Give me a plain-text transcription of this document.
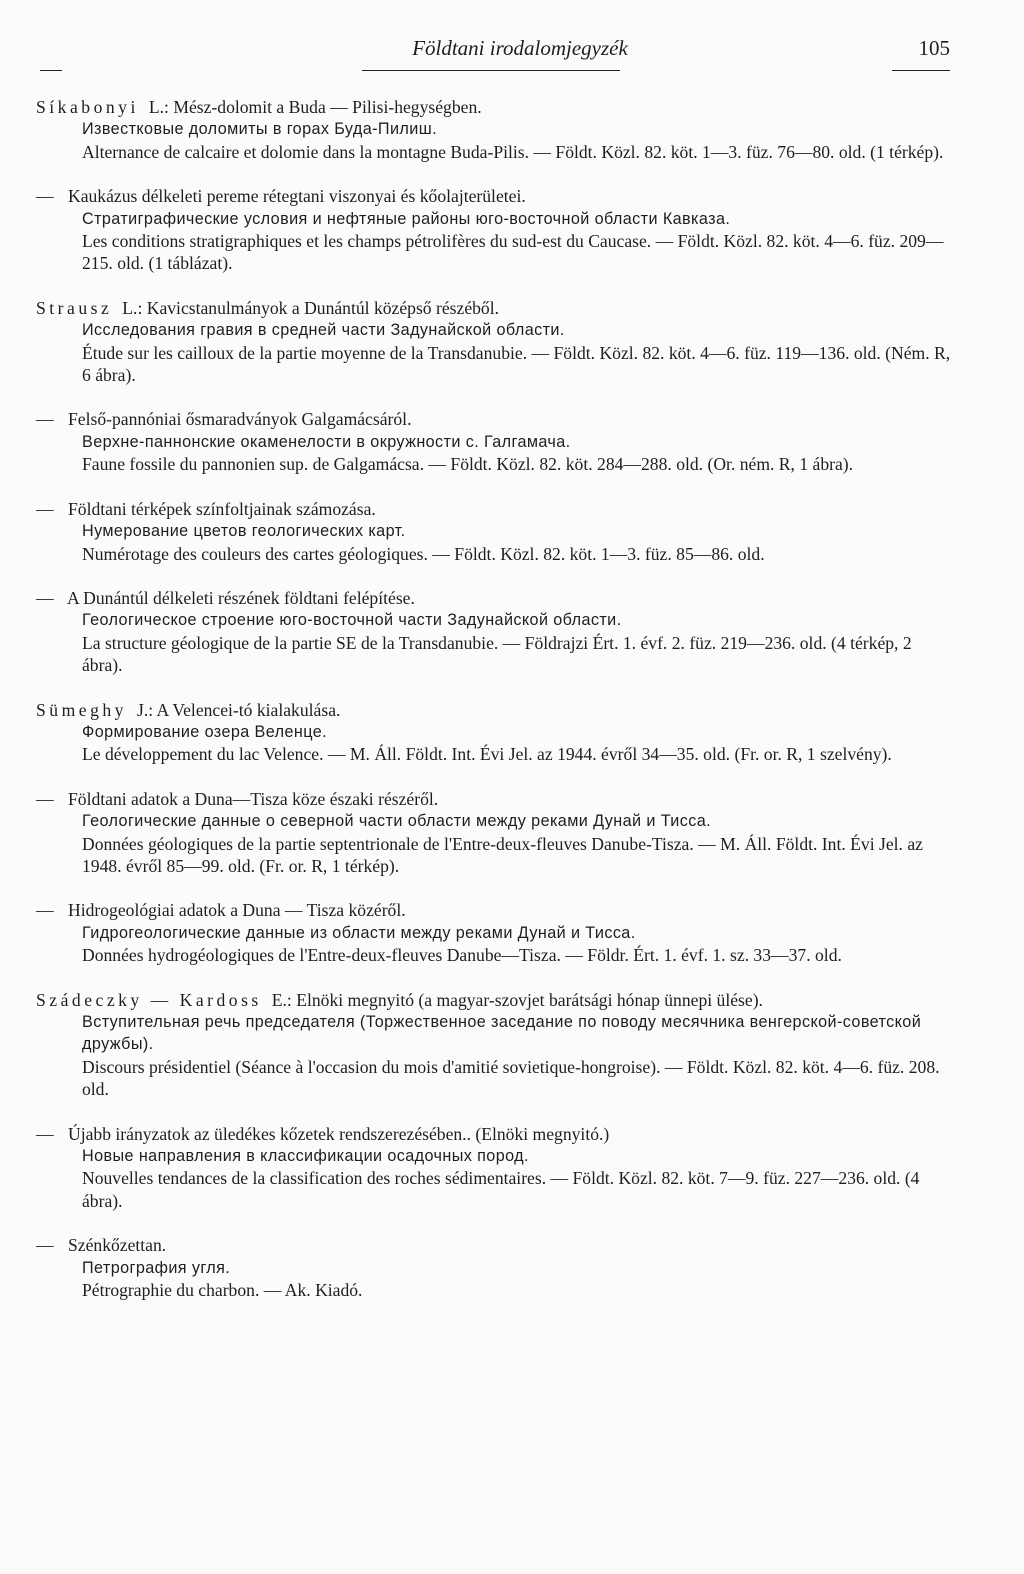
Földtani irodalomjegyzék	105
Síkabonyi L.: Mész-dolomit a Buda — Pilisi-hegységben.
Известковые доломиты в горах Буда-Пилиш.
Alternance de calcaire et dolomie dans la montagne Buda-Pilis. — Földt. Közl. 82. köt. 1—3. füz. 76—80. old. (1 térkép).
— Kaukázus délkeleti pereme rétegtani viszonyai és kőolajterületei.
Стратиграфические условия и нефтяные районы юго-восточной области Кавказа.
Les conditions stratigraphiques et les champs pétrolifères du sud-est du Caucase. — Földt. Közl. 82. köt. 4—6. füz. 209—215. old. (1 táblázat).
Strausz L.: Kavicstanulmányok a Dunántúl középső részéből.
Исследования гравия в средней части Задунайской области.
Étude sur les cailloux de la partie moyenne de la Transdanubie. — Földt. Közl. 82. köt. 4—6. füz. 119—136. old. (Ném. R, 6 ábra).
— Felső-pannóniai ősmaradványok Galgamácsáról.
Верхне-паннонские окаменелости в окружности с. Галгамача.
Faune fossile du pannonien sup. de Galgamácsa. — Földt. Közl. 82. köt. 284—288. old. (Or. ném. R, 1 ábra).
— Földtani térképek színfoltjainak számozása.
Нумерование цветов геологических карт.
Numérotage des couleurs des cartes géologiques. — Földt. Közl. 82. köt. 1—3. füz. 85—86. old.
— A Dunántúl délkeleti részének földtani felépítése.
Геологическое строение юго-восточной части Задунайской области.
La structure géologique de la partie SE de la Transdanubie. — Földrajzi Ért. 1. évf. 2. füz. 219—236. old. (4 térkép, 2 ábra).
Sümeghy J.: A Velencei-tó kialakulása.
Формирование озера Веленце.
Le développement du lac Velence. — M. Áll. Földt. Int. Évi Jel. az 1944. évről 34—35. old. (Fr. or. R, 1 szelvény).
— Földtani adatok a Duna—Tisza köze északi részéről.
Геологические данные о северной части области между реками Дунай и Тисса.
Données géologiques de la partie septentrionale de l'Entre-deux-fleuves Danube-Tisza. — M. Áll. Földt. Int. Évi Jel. az 1948. évről 85—99. old. (Fr. or. R, 1 térkép).
— Hidrogeológiai adatok a Duna — Tisza közéről.
Гидрогеологические данные из области между реками Дунай и Тисса.
Données hydrogéologiques de l'Entre-deux-fleuves Danube—Tisza. — Földr. Ért. 1. évf. 1. sz. 33—37. old.
Szádeczky — Kardoss E.: Elnöki megnyitó (a magyar-szovjet barátsági hónap ünnepi ülése).
Вступительная речь председателя (Торжественное заседание по поводу месячника венгерской-советской дружбы).
Discours présidentiel (Séance à l'occasion du mois d'amitié sovietique-hongroise). — Földt. Közl. 82. köt. 4—6. füz. 208. old.
— Újabb irányzatok az üledékes kőzetek rendszerezésében.. (Elnöki megnyitó.)
Новые направления в классификации осадочных пород.
Nouvelles tendances de la classification des roches sédimentaires. — Földt. Közl. 82. köt. 7—9. füz. 227—236. old. (4 ábra).
— Szénkőzettan.
Петрография угля.
Pétrographie du charbon. — Ak. Kiadó.
